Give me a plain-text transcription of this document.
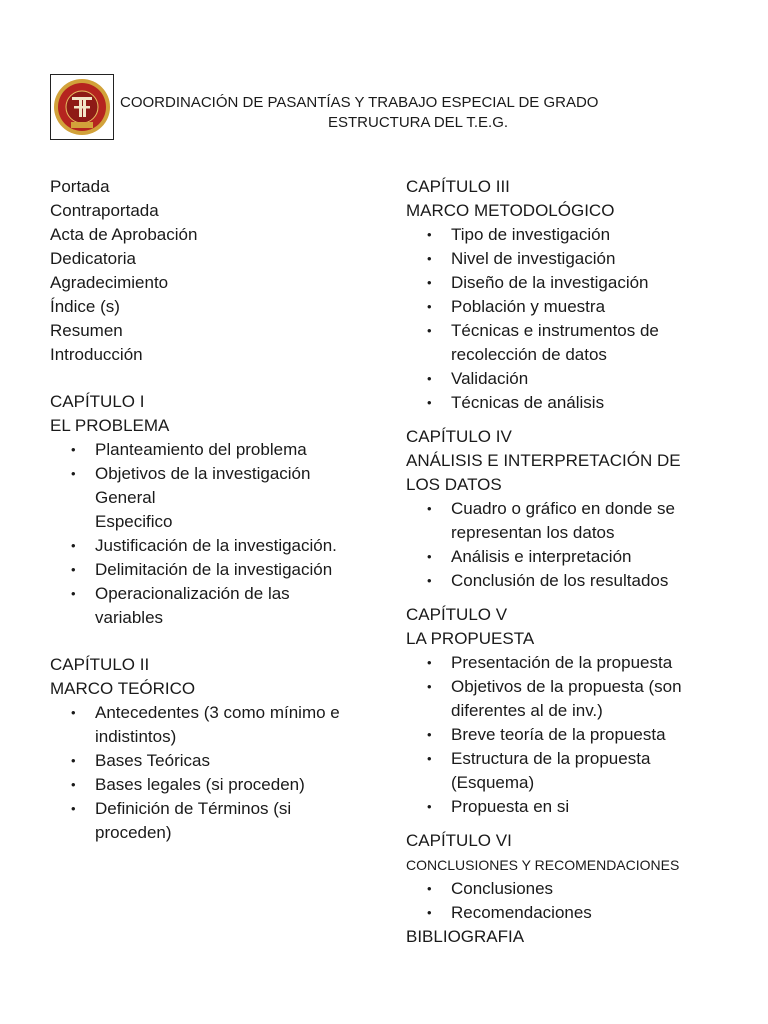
COORDINACIÓN DE PASANTÍAS Y TRABAJO ESPECIAL DE GRADO
ESTRUCTURA DEL T.E.G.
Portada
Contraportada
Acta de Aprobación
Dedicatoria
Agradecimiento
Índice (s)
Resumen
Introducción
CAPÍTULO I
EL PROBLEMA
• Planteamiento del problema
• Objetivos de la investigación
General
Especifico
• Justificación de la investigación.
• Delimitación de la investigación
• Operacionalización de las variables
CAPÍTULO II
MARCO TEÓRICO
• Antecedentes (3 como mínimo e indistintos)
• Bases Teóricas
• Bases legales (si proceden)
• Definición de Términos (si proceden)
CAPÍTULO III
MARCO METODOLÓGICO
• Tipo de investigación
• Nivel de investigación
• Diseño de la investigación
• Población y muestra
• Técnicas e instrumentos de recolección de datos
• Validación
• Técnicas de análisis
CAPÍTULO IV
ANÁLISIS E INTERPRETACIÓN DE LOS DATOS
• Cuadro o gráfico en donde se representan los datos
• Análisis e interpretación
• Conclusión de los resultados
CAPÍTULO V
LA PROPUESTA
• Presentación de la propuesta
• Objetivos de la propuesta (son diferentes al de inv.)
• Breve teoría de la propuesta
• Estructura de la propuesta (Esquema)
• Propuesta en si
CAPÍTULO VI
CONCLUSIONES Y RECOMENDACIONES
• Conclusiones
• Recomendaciones
BIBLIOGRAFIA
